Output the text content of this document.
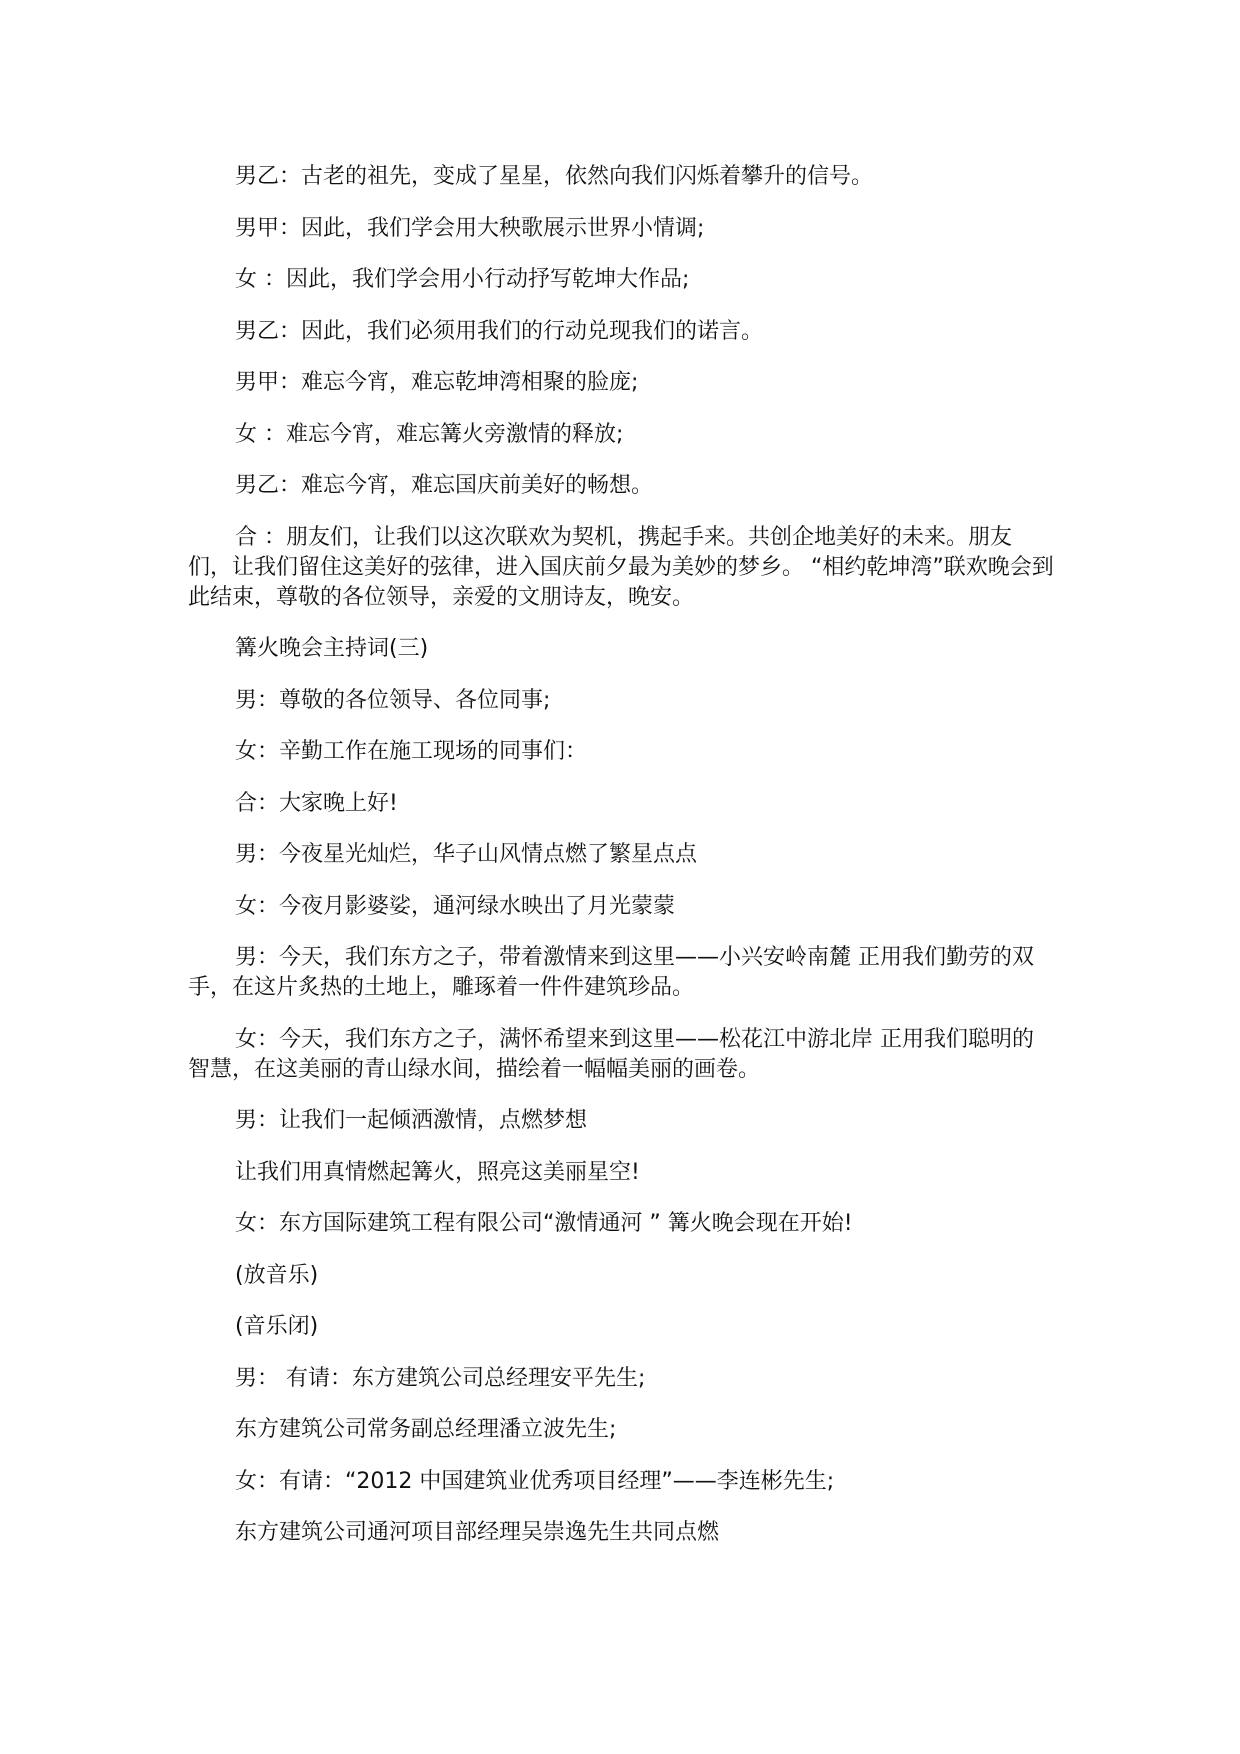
男乙：古老的祖先，变成了星星，依然向我们闪烁着攀升的信号。

男甲：因此，我们学会用大秧歌展示世界小情调;

女 ：因此，我们学会用小行动抒写乾坤大作品;

男乙：因此，我们必须用我们的行动兑现我们的诺言。

男甲：难忘今宵，难忘乾坤湾相聚的脸庞;

女 ：难忘今宵，难忘篝火旁激情的释放;

男乙：难忘今宵，难忘国庆前美好的畅想。

合 ：朋友们，让我们以这次联欢为契机，携起手来。共创企地美好的未来。朋友们，让我们留住这美好的弦律，进入国庆前夕最为美妙的梦乡。 “相约乾坤湾”联欢晚会到此结束，尊敬的各位领导，亲爱的文朋诗友，晚安。

篝火晚会主持词(三)

男：尊敬的各位领导、各位同事;

女：辛勤工作在施工现场的同事们：

合：大家晚上好!

男：今夜星光灿烂，华子山风情点燃了繁星点点

女：今夜月影婆娑，通河绿水映出了月光蒙蒙

男：今天，我们东方之子，带着激情来到这里——小兴安岭南麓 正用我们勤劳的双手，在这片炙热的土地上，雕琢着一件件建筑珍品。

女：今天，我们东方之子，满怀希望来到这里——松花江中游北岸 正用我们聪明的智慧，在这美丽的青山绿水间，描绘着一幅幅美丽的画卷。

男：让我们一起倾洒激情，点燃梦想

让我们用真情燃起篝火，照亮这美丽星空!

女：东方国际建筑工程有限公司“激情通河 ” 篝火晚会现在开始!

(放音乐)

(音乐闭)

男： 有请：东方建筑公司总经理安平先生;

东方建筑公司常务副总经理潘立波先生;

女：有请：“2012 中国建筑业优秀项目经理”——李连彬先生;

东方建筑公司通河项目部经理吴崇逸先生共同点燃
